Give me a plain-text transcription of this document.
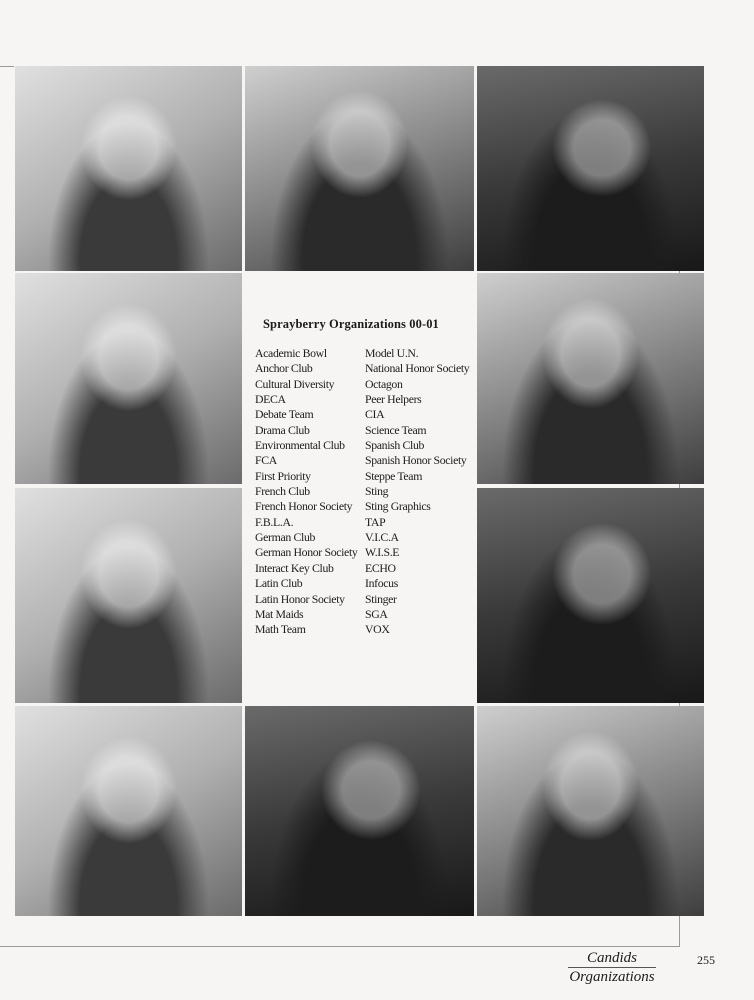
Sprayberry Organizations 00-01
Academic Bowl
Anchor Club
Cultural Diversity
DECA
Debate Team
Drama Club
Environmental Club
FCA
First Priority
French Club
French Honor Society
F.B.L.A.
German Club
German Honor Society
Interact Key Club
Latin Club
Latin Honor Society
Mat Maids
Math Team
Model U.N.
National Honor Society
Octagon
Peer Helpers
CIA
Science Team
Spanish Club
Spanish Honor Society
Steppe Team
Sting
Sting Graphics
TAP
V.I.C.A
W.I.S.E
ECHO
Infocus
Stinger
SGA
VOX
Candids
Organizations
255
